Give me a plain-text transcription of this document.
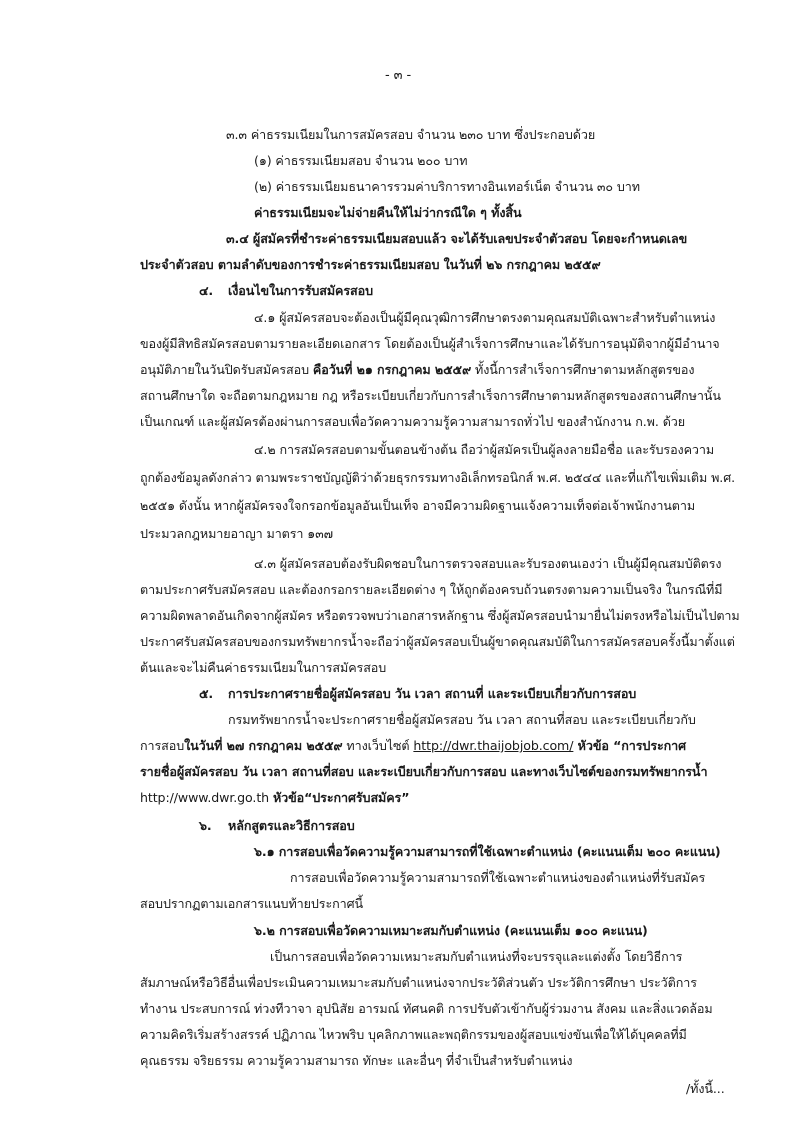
- ๓ -

๓.๓ ค่าธรรมเนียมในการสมัครสอบ จำนวน ๒๓๐ บาท ซึ่งประกอบด้วย

(๑) ค่าธรรมเนียมสอบ จำนวน ๒๐๐ บาท

(๒) ค่าธรรมเนียมธนาคารรวมค่าบริการทางอินเทอร์เน็ต จำนวน ๓๐ บาท

ค่าธรรมเนียมจะไม่จ่ายคืนให้ไม่ว่ากรณีใด ๆ ทั้งสิ้น

๓.๔ ผู้สมัครที่ชำระค่าธรรมเนียมสอบแล้ว จะได้รับเลขประจำตัวสอบ โดยจะกำหนดเลข

ประจำตัวสอบ ตามลำดับของการชำระค่าธรรมเนียมสอบ ในวันที่ ๒๖ กรกฎาคม ๒๕๕๙

๔. เงื่อนไขในการรับสมัครสอบ

๔.๑ ผู้สมัครสอบจะต้องเป็นผู้มีคุณวุฒิการศึกษาตรงตามคุณสมบัติเฉพาะสำหรับตำแหน่ง

ของผู้มีสิทธิสมัครสอบตามรายละเอียดเอกสาร โดยต้องเป็นผู้สำเร็จการศึกษาและได้รับการอนุมัติจากผู้มีอำนาจ

อนุมัติภายในวันปิดรับสมัครสอบ คือวันที่ ๒๑ กรกฎาคม ๒๕๕๙ ทั้งนี้การสำเร็จการศึกษาตามหลักสูตรของ

สถานศึกษาใด จะถือตามกฎหมาย กฎ หรือระเบียบเกี่ยวกับการสำเร็จการศึกษาตามหลักสูตรของสถานศึกษานั้น

เป็นเกณฑ์ และผู้สมัครต้องผ่านการสอบเพื่อวัดความความรู้ความสามารถทั่วไป ของสำนักงาน ก.พ. ด้วย

๔.๒ การสมัครสอบตามขั้นตอนข้างต้น ถือว่าผู้สมัครเป็นผู้ลงลายมือชื่อ และรับรองความ

ถูกต้องข้อมูลดังกล่าว ตามพระราชบัญญัติว่าด้วยธุรกรรมทางอิเล็กทรอนิกส์ พ.ศ. ๒๕๔๔ และที่แก้ไขเพิ่มเติม พ.ศ.

๒๕๕๑ ดังนั้น หากผู้สมัครจงใจกรอกข้อมูลอันเป็นเท็จ อาจมีความผิดฐานแจ้งความเท็จต่อเจ้าพนักงานตาม

ประมวลกฎหมายอาญา มาตรา ๑๓๗

๔.๓ ผู้สมัครสอบต้องรับผิดชอบในการตรวจสอบและรับรองตนเองว่า เป็นผู้มีคุณสมบัติตรง

ตามประกาศรับสมัครสอบ และต้องกรอกรายละเอียดต่าง ๆ ให้ถูกต้องครบถ้วนตรงตามความเป็นจริง ในกรณีที่มี

ความผิดพลาดอันเกิดจากผู้สมัคร หรือตรวจพบว่าเอกสารหลักฐาน ซึ่งผู้สมัครสอบนำมายื่นไม่ตรงหรือไม่เป็นไปตาม

ประกาศรับสมัครสอบของกรมทรัพยากรน้ำจะถือว่าผู้สมัครสอบเป็นผู้ขาดคุณสมบัติในการสมัครสอบครั้งนี้มาตั้งแต่

ต้นและจะไม่คืนค่าธรรมเนียมในการสมัครสอบ

๕. การประกาศรายชื่อผู้สมัครสอบ วัน เวลา สถานที่ และระเบียบเกี่ยวกับการสอบ

กรมทรัพยากรน้ำจะประกาศรายชื่อผู้สมัครสอบ วัน เวลา สถานที่สอบ และระเบียบเกี่ยวกับ

การสอบในวันที่ ๒๗ กรกฎาคม ๒๕๕๙ ทางเว็บไซต์ http://dwr.thaijobjob.com/ หัวข้อ “การประกาศ

รายชื่อผู้สมัครสอบ วัน เวลา สถานที่สอบ และระเบียบเกี่ยวกับการสอบ และทางเว็บไซต์ของกรมทรัพยากรน้ำ

http://www.dwr.go.th หัวข้อ“ประกาศรับสมัคร”

๖. หลักสูตรและวิธีการสอบ

๖.๑ การสอบเพื่อวัดความรู้ความสามารถที่ใช้เฉพาะตำแหน่ง (คะแนนเต็ม ๒๐๐ คะแนน)

การสอบเพื่อวัดความรู้ความสามารถที่ใช้เฉพาะตำแหน่งของตำแหน่งที่รับสมัคร

สอบปรากฏตามเอกสารแนบท้ายประกาศนี้

๖.๒ การสอบเพื่อวัดความเหมาะสมกับตำแหน่ง (คะแนนเต็ม ๑๐๐ คะแนน)

เป็นการสอบเพื่อวัดความเหมาะสมกับตำแหน่งที่จะบรรจุและแต่งตั้ง โดยวิธีการ

สัมภาษณ์หรือวิธีอื่นเพื่อประเมินความเหมาะสมกับตำแหน่งจากประวัติส่วนตัว ประวัติการศึกษา ประวัติการ

ทำงาน ประสบการณ์ ท่วงทีวาจา อุปนิสัย อารมณ์ ทัศนคติ การปรับตัวเข้ากับผู้ร่วมงาน สังคม และสิ่งแวดล้อม

ความคิดริเริ่มสร้างสรรค์ ปฏิภาณ ไหวพริบ บุคลิกภาพและพฤติกรรมของผู้สอบแข่งขันเพื่อให้ได้บุคคลที่มี

คุณธรรม จริยธรรม ความรู้ความสามารถ ทักษะ และอื่นๆ ที่จำเป็นสำหรับตำแหน่ง

/ทั้งนี้...
